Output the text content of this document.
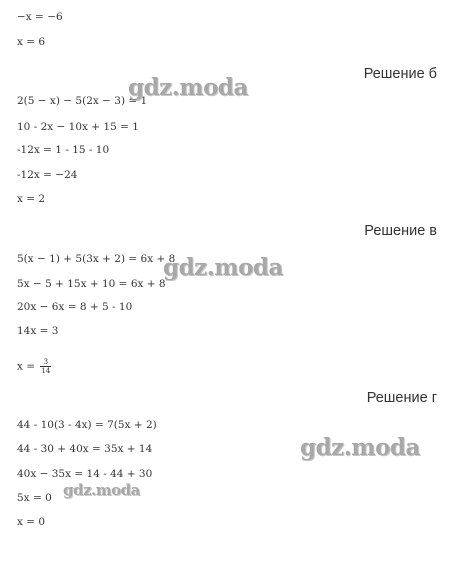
−x = −6
x = 6
Решение б
2(5 − x) − 5(2x − 3) = 1
10 - 2x − 10x + 15 = 1
-12x = 1 - 15 - 10
-12x = −24
x = 2
Решение в
5(x − 1) + 5(3x + 2) = 6x + 8
5x − 5 + 15x + 10 = 6x + 8
20x − 6x = 8 + 5 - 10
14x = 3
$x = \frac{3}{14}$
Решение г
44 - 10(3 - 4x) = 7(5x + 2)
44 - 30 + 40x = 35x + 14
40x − 35x = 14 - 44 + 30
5x = 0
x = 0
gdz.moda
gdz.moda
gdz.moda
gdz.moda
